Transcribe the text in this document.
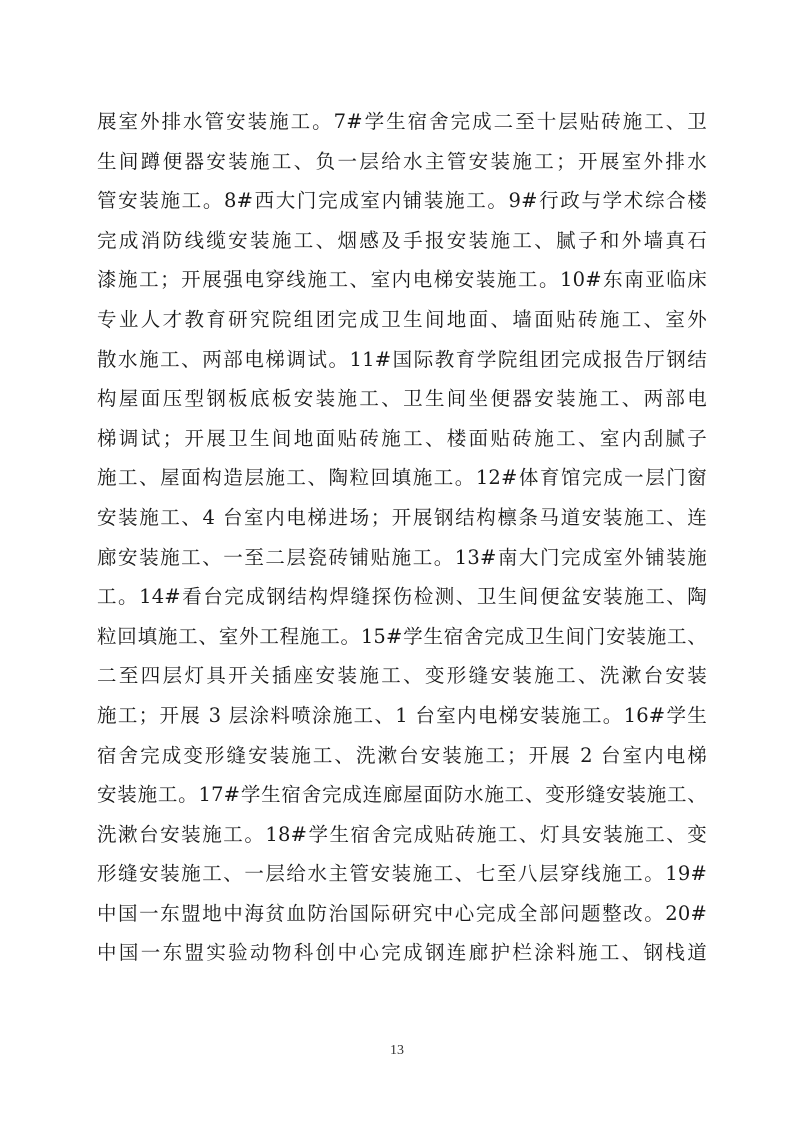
展室外排水管安装施工。7#学生宿舍完成二至十层贴砖施工、卫
生间蹲便器安装施工、负一层给水主管安装施工；开展室外排水
管安装施工。8#西大门完成室内铺装施工。9#行政与学术综合楼
完成消防线缆安装施工、烟感及手报安装施工、腻子和外墙真石
漆施工；开展强电穿线施工、室内电梯安装施工。10#东南亚临床
专业人才教育研究院组团完成卫生间地面、墙面贴砖施工、室外
散水施工、两部电梯调试。11#国际教育学院组团完成报告厅钢结
构屋面压型钢板底板安装施工、卫生间坐便器安装施工、两部电
梯调试；开展卫生间地面贴砖施工、楼面贴砖施工、室内刮腻子
施工、屋面构造层施工、陶粒回填施工。12#体育馆完成一层门窗
安装施工、4 台室内电梯进场；开展钢结构檩条马道安装施工、连
廊安装施工、一至二层瓷砖铺贴施工。13#南大门完成室外铺装施
工。14#看台完成钢结构焊缝探伤检测、卫生间便盆安装施工、陶
粒回填施工、室外工程施工。15#学生宿舍完成卫生间门安装施工、
二至四层灯具开关插座安装施工、变形缝安装施工、洗漱台安装
施工；开展 3 层涂料喷涂施工、1 台室内电梯安装施工。16#学生
宿舍完成变形缝安装施工、洗漱台安装施工；开展 2 台室内电梯
安装施工。17#学生宿舍完成连廊屋面防水施工、变形缝安装施工、
洗漱台安装施工。18#学生宿舍完成贴砖施工、灯具安装施工、变
形缝安装施工、一层给水主管安装施工、七至八层穿线施工。19#
中国一东盟地中海贫血防治国际研究中心完成全部问题整改。20#
中国一东盟实验动物科创中心完成钢连廊护栏涂料施工、钢栈道
13
